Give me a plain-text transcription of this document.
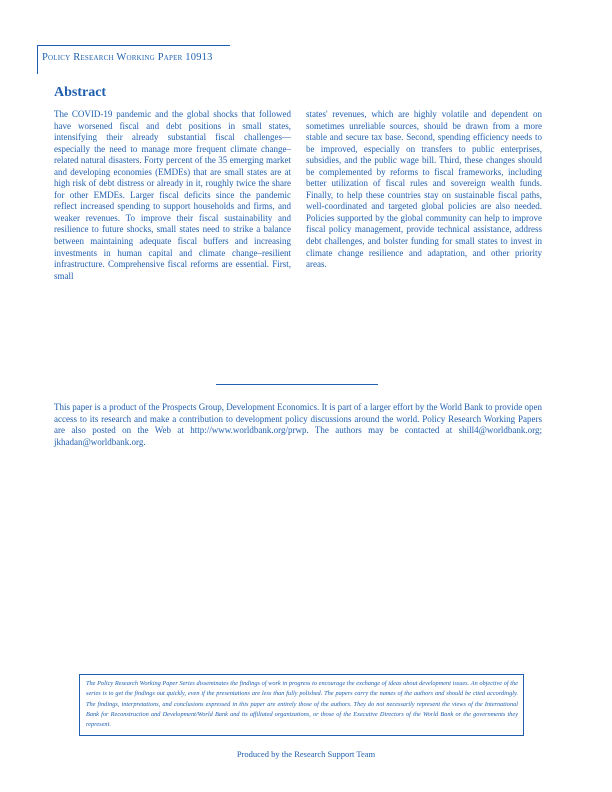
Policy Research Working Paper 10913
Abstract
The COVID-19 pandemic and the global shocks that followed have worsened fiscal and debt positions in small states, intensifying their already substantial fiscal challenges—especially the need to manage more frequent climate change–related natural disasters. Forty percent of the 35 emerging market and developing economies (EMDEs) that are small states are at high risk of debt distress or already in it, roughly twice the share for other EMDEs. Larger fiscal deficits since the pandemic reflect increased spending to support households and firms, and weaker revenues. To improve their fiscal sustainability and resilience to future shocks, small states need to strike a balance between maintaining adequate fiscal buffers and increasing investments in human capital and climate change–resilient infrastructure. Comprehensive fiscal reforms are essential. First, small
states' revenues, which are highly volatile and dependent on sometimes unreliable sources, should be drawn from a more stable and secure tax base. Second, spending efficiency needs to be improved, especially on transfers to public enterprises, subsidies, and the public wage bill. Third, these changes should be complemented by reforms to fiscal frameworks, including better utilization of fiscal rules and sovereign wealth funds. Finally, to help these countries stay on sustainable fiscal paths, well-coordinated and targeted global policies are also needed. Policies supported by the global community can help to improve fiscal policy management, provide technical assistance, address debt challenges, and bolster funding for small states to invest in climate change resilience and adaptation, and other priority areas.
This paper is a product of the Prospects Group, Development Economics. It is part of a larger effort by the World Bank to provide open access to its research and make a contribution to development policy discussions around the world. Policy Research Working Papers are also posted on the Web at http://www.worldbank.org/prwp. The authors may be contacted at shill4@worldbank.org; jkhadan@worldbank.org.
The Policy Research Working Paper Series disseminates the findings of work in progress to encourage the exchange of ideas about development issues. An objective of the series is to get the findings out quickly, even if the presentations are less than fully polished. The papers carry the names of the authors and should be cited accordingly. The findings, interpretations, and conclusions expressed in this paper are entirely those of the authors. They do not necessarily represent the views of the International Bank for Reconstruction and Development/World Bank and its affiliated organizations, or those of the Executive Directors of the World Bank or the governments they represent.
Produced by the Research Support Team
